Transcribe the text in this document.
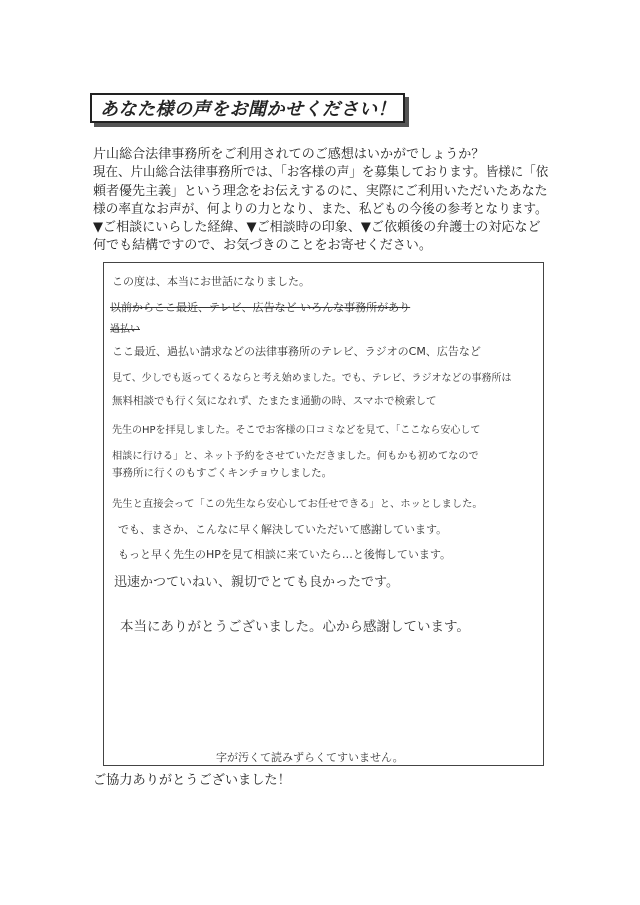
あなた様の声をお聞かせください！

片山総合法律事務所をご利用されてのご感想はいかがでしょうか？

現在、片山総合法律事務所では、「お客様の声」を募集しております。皆様に「依

頼者優先主義」という理念をお伝えするのに、実際にご利用いただいたあなた

様の率直なお声が、何よりの力となり、また、私どもの今後の参考となります。

▼ご相談にいらした経緯、▼ご相談時の印象、▼ご依頼後の弁護士の対応など

何でも結構ですので、お気づきのことをお寄せください。

この度は、本当にお世話になりました。
以前からここ最近、テレビ、広告など いろんな事務所があり
過払い
ここ最近、過払い請求などの法律事務所のテレビ、ラジオのCM、広告など
見て、少しでも返ってくるならと考え始めました。でも、テレビ、ラジオなどの事務所は
無料相談でも行く気になれず、たまたま通勤の時、スマホで検索して
先生のHPを拝見しました。そこでお客様の口コミなどを見て、「ここなら安心して
相談に行ける」と、ネット予約をさせていただきました。何もかも初めてなので
事務所に行くのもすごくキンチョウしました。
先生と直接会って「この先生なら安心してお任せできる」と、ホッとしました。
でも、まさか、こんなに早く解決していただいて感謝しています。
もっと早く先生のHPを見て相談に来ていたら…と後悔しています。
迅速かつていねい、親切でとても良かったです。
本当にありがとうございました。心から感謝しています。
字が汚くて読みずらくてすいません。
ご協力ありがとうございました！
